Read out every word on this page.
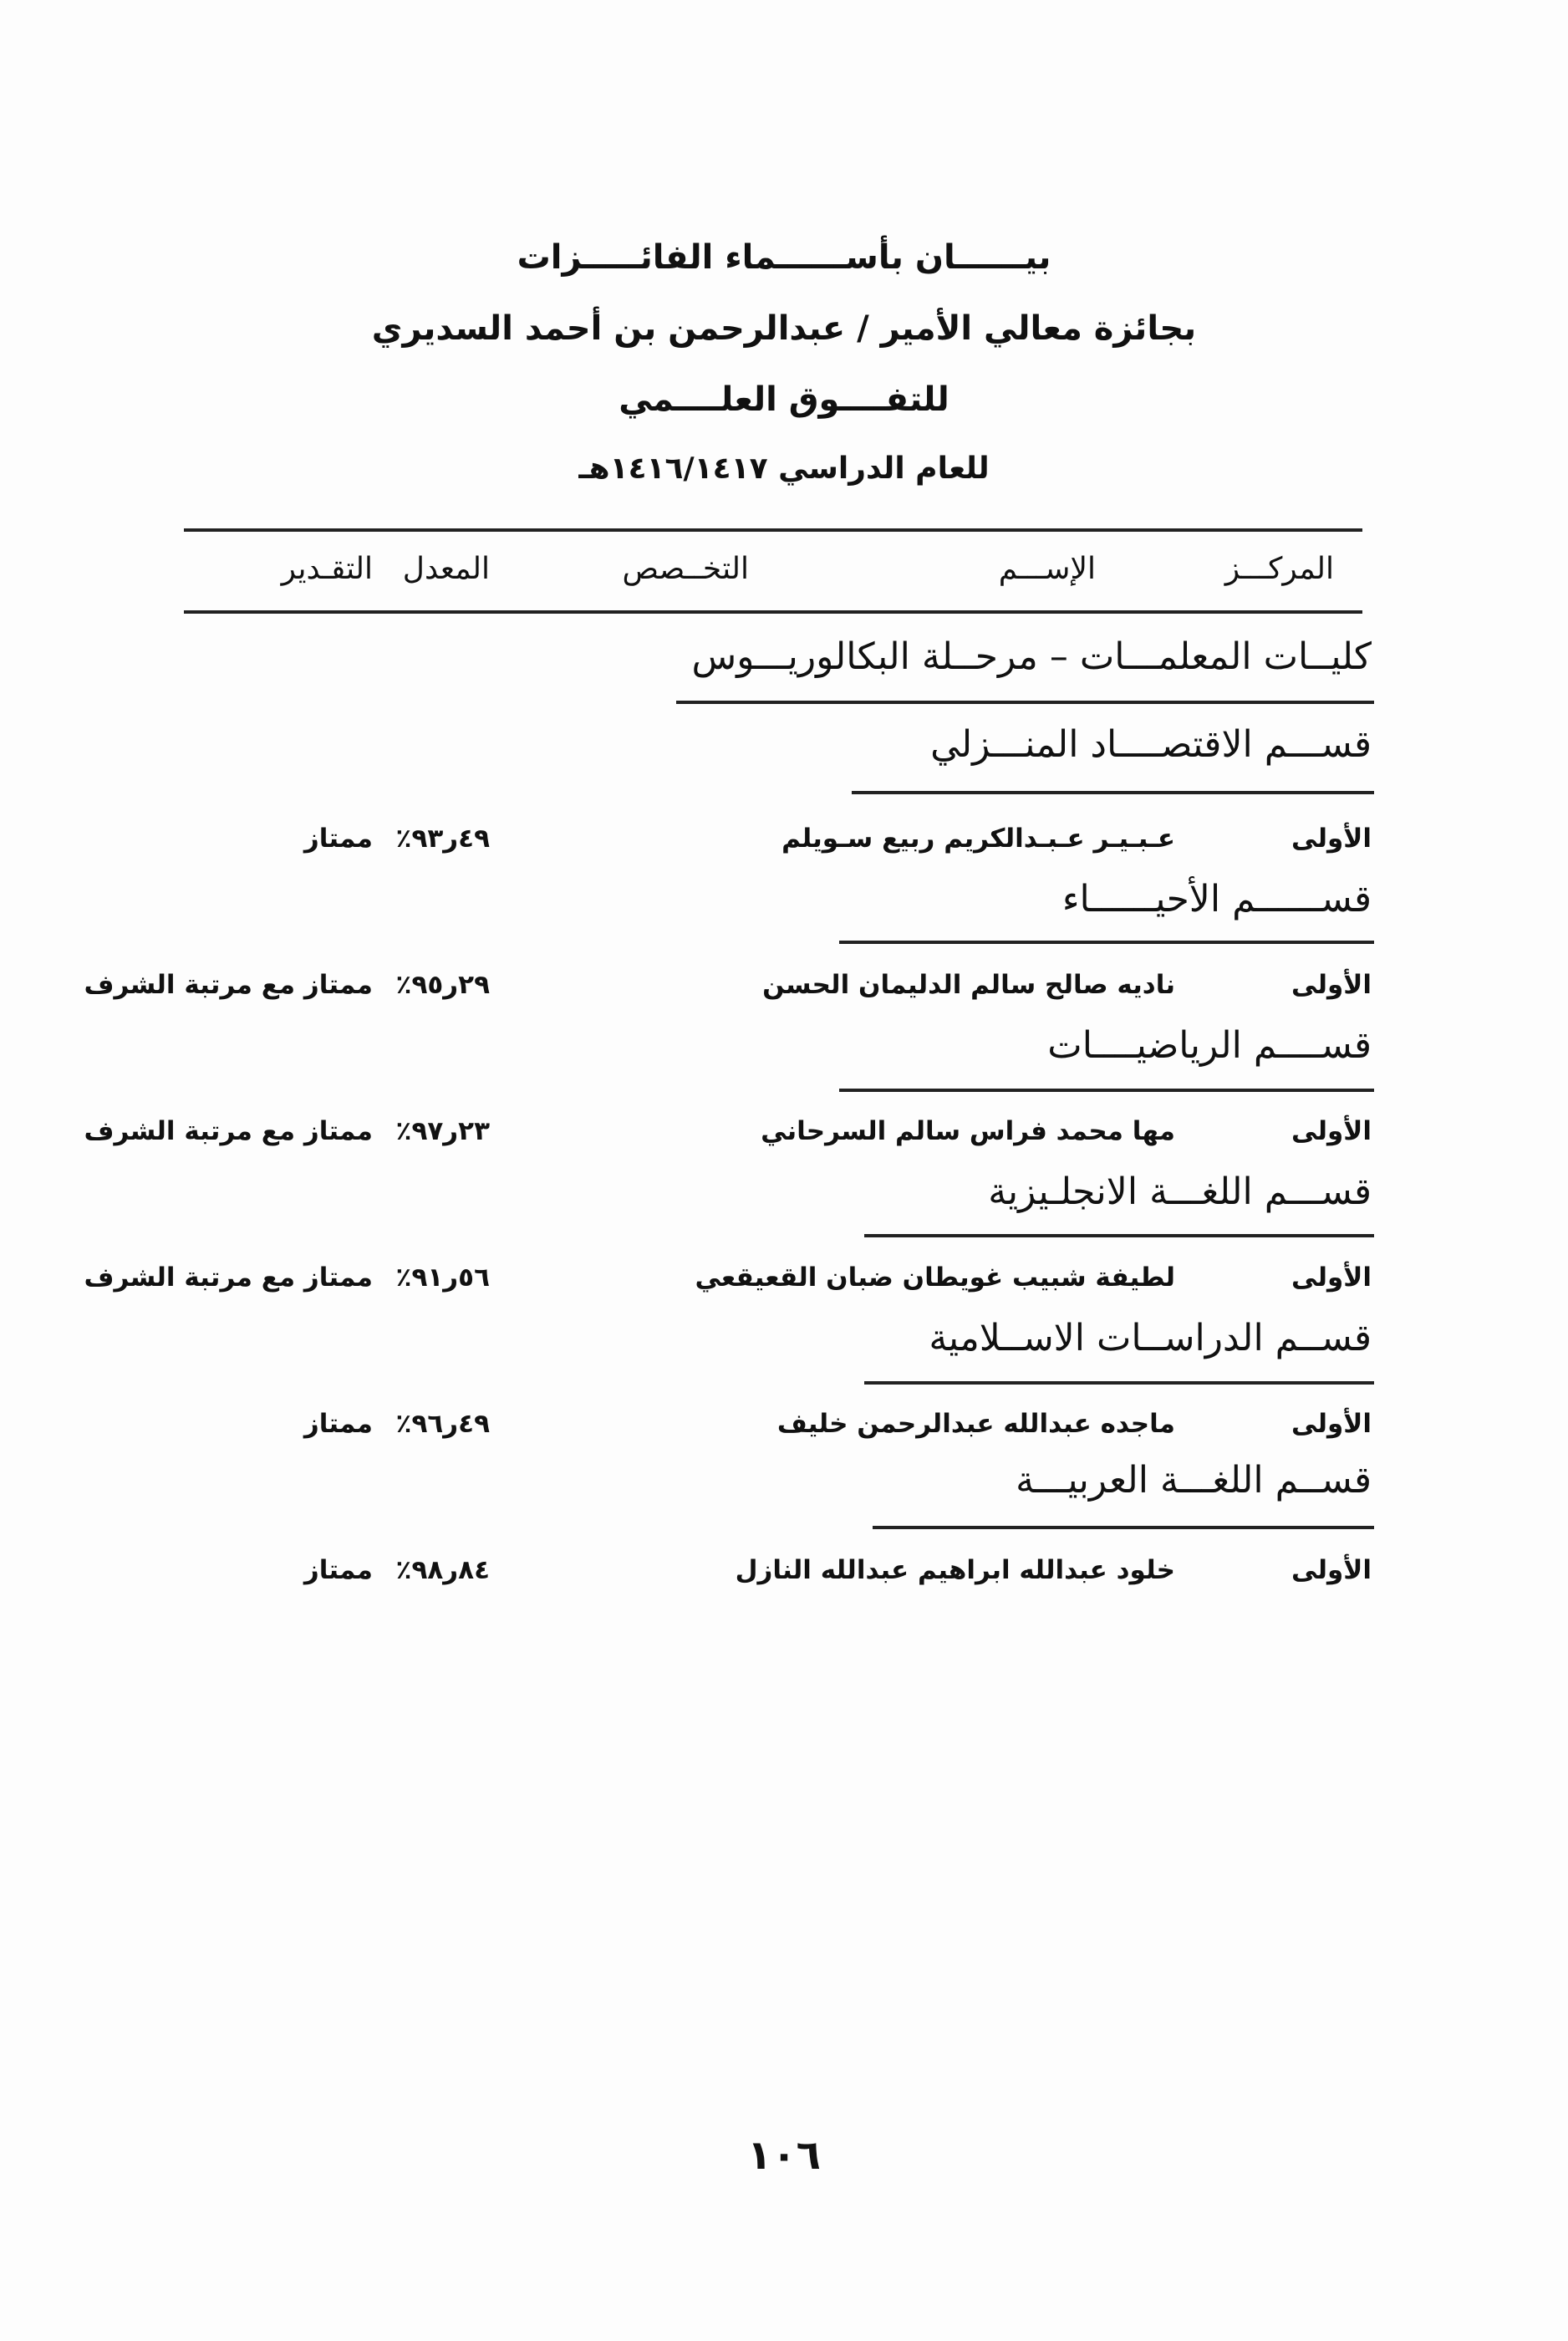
بيــــــان بأســــــماء الفائـــــزات
بجائزة معالي الأمير / عبدالرحمن بن أحمد السديري
للتفــــوق العلــــمي
للعام الدراسي ١٤١٦/١٤١٧هـ
المركـــز
الإســـم
التخــصص
المعدل
التقـدير
كليــات المعلمـــات – مرحــلة البكالوريـــوس
قســـم الاقتصــــاد المنـــزلي
الأولى
عـبـيـر عـبـدالكريم ربيع سـويلم
٤٩ر٩٣٪
ممتاز
قســــــم الأحيــــــاء
الأولى
ناديه صالح سالم الدليمان الحسن
٢٩ر٩٥٪
ممتاز مع مرتبة الشرف
قســــم الرياضيــــات
الأولى
مها محمد فراس سالم السرحاني
٢٣ر٩٧٪
ممتاز مع مرتبة الشرف
قســـم اللغـــة الانجلـيزية
الأولى
لطيفة شبيب غويطان ضبان القعيقعي
٥٦ر٩١٪
ممتاز مع مرتبة الشرف
قســم الدراســات الاســلامية
الأولى
ماجده عبدالله عبدالرحمن خليف
٤٩ر٩٦٪
ممتاز
قســم اللغـــة العربيـــة
الأولى
خلود عبدالله ابراهيم عبدالله النازل
٨٤ر٩٨٪
ممتاز
١٠٦
